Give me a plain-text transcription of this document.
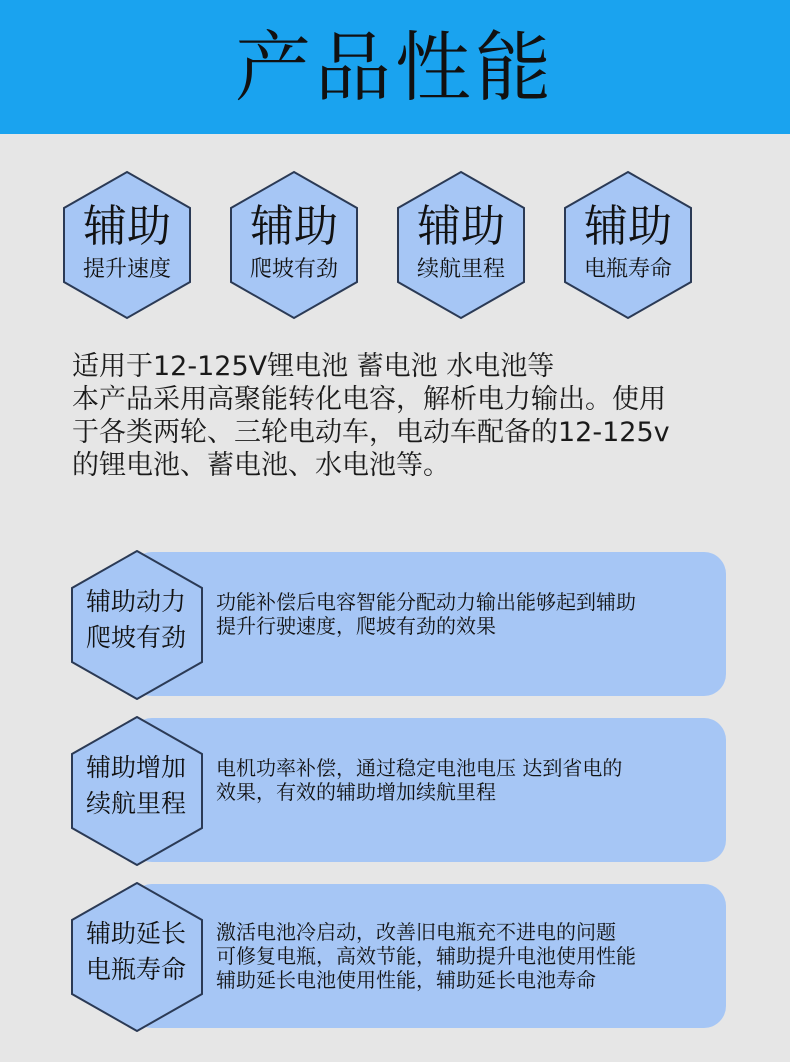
产品性能
辅助
提升速度
辅助
爬坡有劲
辅助
续航里程
辅助
电瓶寿命

适用于12-125V锂电池 蓄电池 水电池等

本产品采用高聚能转化电容，解析电力输出。使用

于各类两轮、三轮电动车，电动车配备的12-125v

的锂电池、蓄电池、水电池等。

辅助动力
爬坡有劲
功能补偿后电容智能分配动力输出能够起到辅助
提升行驶速度，爬坡有劲的效果
辅助增加
续航里程
电机功率补偿，通过稳定电池电压 达到省电的
效果，有效的辅助增加续航里程
辅助延长
电瓶寿命
激活电池冷启动，改善旧电瓶充不进电的问题
可修复电瓶，高效节能，辅助提升电池使用性能
辅助延长电池使用性能，辅助延长电池寿命
